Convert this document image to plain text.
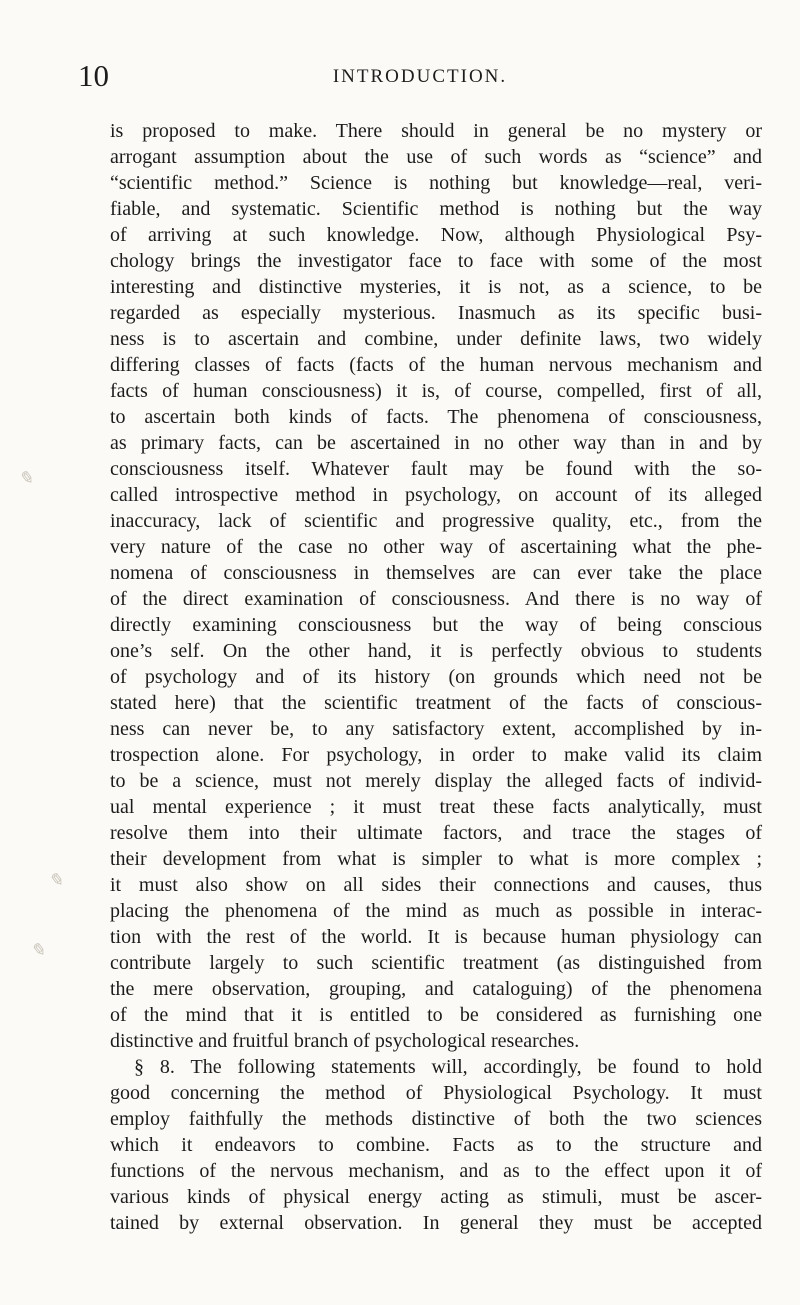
10	INTRODUCTION.
✎
✎
✎
is proposed to make. There should in general be no mystery or
arrogant assumption about the use of such words as “science” and
“scientific method.” Science is nothing but knowledge—real, veri-
fiable, and systematic. Scientific method is nothing but the way
of arriving at such knowledge. Now, although Physiological Psy-
chology brings the investigator face to face with some of the most
interesting and distinctive mysteries, it is not, as a science, to be
regarded as especially mysterious. Inasmuch as its specific busi-
ness is to ascertain and combine, under definite laws, two widely
differing classes of facts (facts of the human nervous mechanism and
facts of human consciousness) it is, of course, compelled, first of all,
to ascertain both kinds of facts. The phenomena of consciousness,
as primary facts, can be ascertained in no other way than in and by
consciousness itself. Whatever fault may be found with the so-
called introspective method in psychology, on account of its alleged
inaccuracy, lack of scientific and progressive quality, etc., from the
very nature of the case no other way of ascertaining what the phe-
nomena of consciousness in themselves are can ever take the place
of the direct examination of consciousness. And there is no way of
directly examining consciousness but the way of being conscious
one’s self. On the other hand, it is perfectly obvious to students
of psychology and of its history (on grounds which need not be
stated here) that the scientific treatment of the facts of conscious-
ness can never be, to any satisfactory extent, accomplished by in-
trospection alone. For psychology, in order to make valid its claim
to be a science, must not merely display the alleged facts of individ-
ual mental experience ; it must treat these facts analytically, must
resolve them into their ultimate factors, and trace the stages of
their development from what is simpler to what is more complex ;
it must also show on all sides their connections and causes, thus
placing the phenomena of the mind as much as possible in interac-
tion with the rest of the world. It is because human physiology can
contribute largely to such scientific treatment (as distinguished from
the mere observation, grouping, and cataloguing) of the phenomena
of the mind that it is entitled to be considered as furnishing one
distinctive and fruitful branch of psychological researches.
§ 8. The following statements will, accordingly, be found to hold
good concerning the method of Physiological Psychology. It must
employ faithfully the methods distinctive of both the two sciences
which it endeavors to combine. Facts as to the structure and
functions of the nervous mechanism, and as to the effect upon it of
various kinds of physical energy acting as stimuli, must be ascer-
tained by external observation. In general they must be accepted
